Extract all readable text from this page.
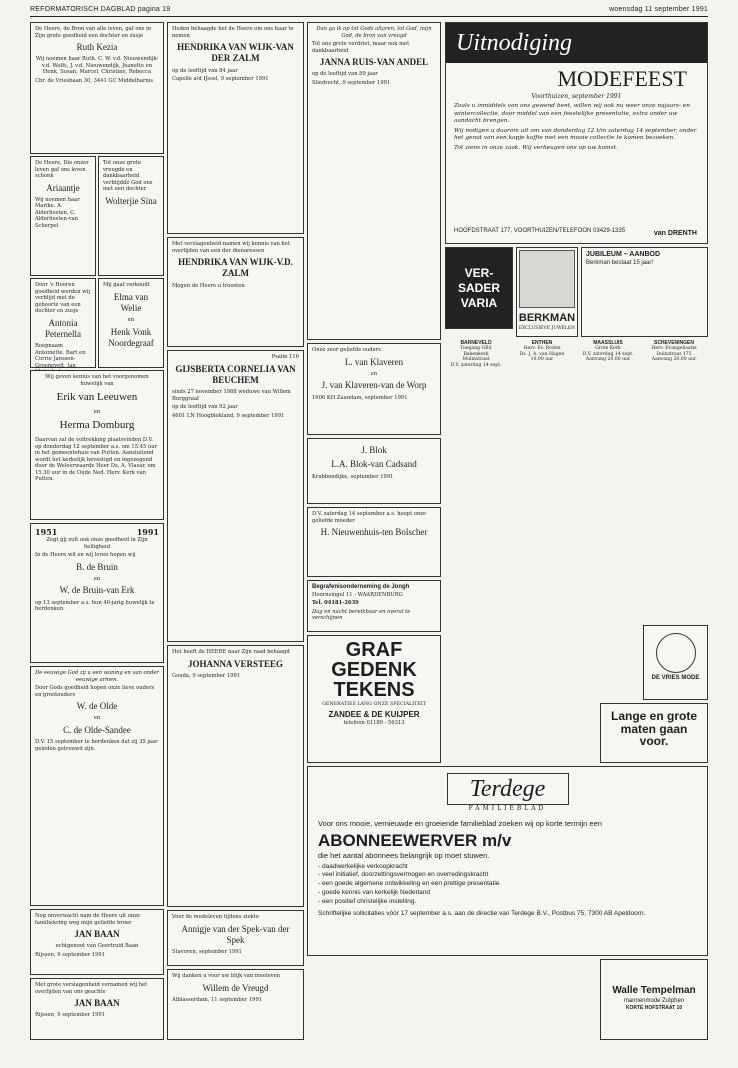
REFORMATORISCH DAGBLAD pagina 19	woensdag 11 september 1991

De Heere, de Bron van alle leven, gaf ons in Zijn grote goedheid een dochter en zusje

Ruth Kezia

Wij noemen haar Ruth. C. W. v.d. Nieuwendijk-v.d. Wolfs, J. v.d. Nieuwendijk, Jeanette en Henk, Susan, Marcel, Christine, Rebecca

Chr. de Vriesbaan 30, 3441 GC Middelharnis

De Heere, Die onzer leven gaf ons leven schonk

Ariaantje

Wij noemen haar Marike. A. Alderliesten, C. Alderliesten-van Scherpel

Tot onze grote vreugde en dankbaarheid verblijdde God ons met een dochter

Wolterjie Sina

Door 's Heeren goedheid werden wij verblijd met de geboorte van een dochter en zusje

Antonia Peternella

Roepnaam Antoinette. Bart en Corrie Janssen-Groenevelt, Jan

Mij gaaf verkoudt

Elma van Welie

en

Henk Vonk Noordegraaf

Wij geven kennis van het voorgenomen huwelijk van

Erik van Leeuwen

en

Herma Domburg

Daarvan zal de voltrekking plaatsvinden D.V. op donderdag 12 september a.s. om 15.45 uur in het gemeentehuis van Putten. Aansluitend wordt het kerkelijk bevestigd en ingezegend door de Weleerwaarde Heer Ds. A. Vlasar, om 15.30 uur in de Oude Ned. Herv. Kerk van Putten.

1951	1991

Zegt gij zult ook onze goedheid in Zijn heiligheid

In de Heere wil en wij leren hopen wij

B. de Bruin

en

W. de Bruin-van Erk

op 13 september a.s. hun 40-jarig huwelijk te herdenken.

De eeuwige God zij u een woning en van onder eeuwige armen.

Door Gods goedheid hopen onze lieve ouders en grootouders

W. de Olde

en

C. de Olde-Sandee

D.V. 15 september te herdenken dat zij 35 jaar geleden getrouwd zijn.

Nog onverwacht nam de Heere uit onze familiekring weg mijn geliefde broer

JAN BAAN

echtgenoot van Geertruid Baan

Rijssen, 9 september 1991

Met grote verslagenheid vernamen wij het overlijden van ons geachte

JAN BAAN

Rijssen, 9 september 1991

Heden behaagde het de Heere om ons haar te nemen

HENDRIKA VAN WIJK-VAN DER ZALM

op de leeftijd van 84 jaar

Capelle a/d IJssel, 9 september 1991

Met verslagenheid namen wij kennis van het overlijden van een der dienaressen

HENDRIKA VAN WIJK-V.D. ZALM

Mogen de Heere u troosten

Psalm 116

GIJSBERTA CORNELIA VAN BEUCHEM

sinds 27 november 1988 weduwe van Willem Burggraaf

op de leeftijd van 92 jaar

4601 LN Hoogblokland, 9 september 1991

Het heeft de HEERE naar Zijn raad behaagd

JOHANNA VERSTEEG

Gouda, 9 september 1991

Voor de medeleven tijdens ziekte

Annigje van der Spek-van der Spek

Stavoren, september 1991

Wij danken u voor uw blijk van meeleven

Willem de Vreugd

Alblasserdam, 11 september 1991

Dan ga ik op tot Gods altaren, tot God, mijn God, de bron van vreugd

Tot ons grote verdriet, maar ook met dankbaarheid

JANNA RUIS-VAN ANDEL

op de leeftijd van 89 jaar

Sliedrecht, 9 september 1991

Onze zeer geliefde ouders

L. van Klaveren

en

J. van Klaveren-van de Worp

1606 KH Zaandam, september 1991

J. Blok
L.A. Blok-van Cadsand

Krabbendijke, september 1991

D.V. zaterdag 14 september a.s. hoopt onze geliefde moeder

H. Nieuwenhuis-ten Bolscher
Begrafenisonderneming de Jongh

Hoornsingel 11 - WAARDENBURG

Tel. 04181-2639

Dag en nacht bereikbaar en overal te verschijnen

GRAF
GEDENK
TEKENS
GENERATIES LANG ONZE SPECIALITEIT
ZANDEE & DE KUIJPER
telefoon 01180 - 56313
Uitnodiging
MODEFEEST
Voorthuizen, september 1991

Zoals u inmiddels van ons gewend bent, willen wij ook nu weer onze najaars- en wintercollectie, door middel van een feestelijke presentatie, extra onder uw aandacht brengen.

Wij nodigen u daarom uit om van donderdag 12 t/m zaterdag 14 september, onder het genot van een kopje koffie met een mooie collectie te komen bezoeken.

Tot ziens in onze zaak. Wij verheugen ons op uw komst.

HOOFDSTRAAT 177, VOORTHUIZEN/TELEFOON 03429-1335	van DRENTH
VER-SADER VARIA
BERKMAN
EXCLUSIEVE JUWELEN
JUBILEUM – AANBOD
Berkman bestaat 15 jaar!
BARNEVELD
Toegang GBS
Bakenkerk
Mulmstraat
D.V. zaterdag 14 sept.
ENTHEN
Herv. Ev. Roden
Ds. J. A. van Hagen
10.00 uur
MAASSLUIS
Grote Kerk
D.V. zaterdag 14 sept.
Aanvang 20.00 uur
SCHEVENINGEN
Herv. Evangelisatie
Duinstraat 175
Aanvang 20.00 uur
DE VRIES MODE
Terdege
FAMILIEBLAD

Voor ons mooie, vernieuwde en groeiende familieblad zoeken wij op korte termijn een

ABONNEEWERVER m/v

die het aantal abonnees belangrijk op moet stuwen.

- daadwerkelijke verkoopkracht
- veel initiatief, doorzettingsvermogen en overredingskracht
- een goede algemene ontwikkeling en een prettige presentatie
- goede kennis van kerkelijk Nederland
- een positief christelijke instelling.

Schriftelijke sollicitaties vóór 17 september a.s. aan de directie van Terdege B.V., Postbus 75, 7300 AB Apeldoorn.

Lange en grote maten gaan voor.
Walle Tempelman
mannenmode Zutphen
KORTE HOFSTRAAT 10
